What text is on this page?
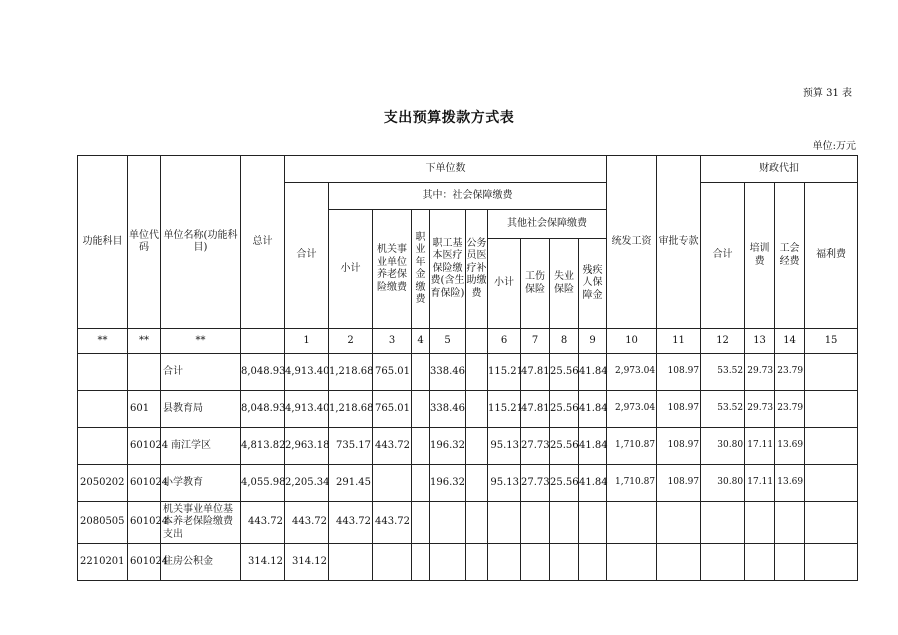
预算 31 表
支出预算拨款方式表
单位:万元
功能科目	单位代码	单位名称(功能科目)	总计	下单位数										统发工资	审批专款	财政代扣			
				合计	其中：社会保障缴费											合计	培训费	工会经费	福利费
					小计	机关事业单位养老保险缴费	职业年金缴费	职工基本医疗保险缴费(含生育保险)	公务员医疗补助缴费	其他社会保障缴费									
										小计	工伤保险	失业保险	残疾人保障金						

**	**	**		1	2	3	4	5		6	7	8	9	10	11	12	13	14	15
		合计	8,048.93	4,913.40	1,218.68	765.01		338.46		115.21	47.81	25.56	41.84	2,973.04	108.97	53.52	29.73	23.79	
	601	县教育局	8,048.93	4,913.40	1,218.68	765.01		338.46		115.21	47.81	25.56	41.84	2,973.04	108.97	53.52	29.73	23.79	
	601024	南江学区	4,813.82	2,963.18	735.17	443.72		196.32		95.13	27.73	25.56	41.84	1,710.87	108.97	30.80	17.11	13.69	
2050202	601024	小学教育	4,055.98	2,205.34	291.45			196.32		95.13	27.73	25.56	41.84	1,710.87	108.97	30.80	17.11	13.69	
2080505	601024	机关事业单位基本养老保险缴费支出	443.72	443.72	443.72	443.72													
2210201	601024	住房公积金	314.12	314.12															
